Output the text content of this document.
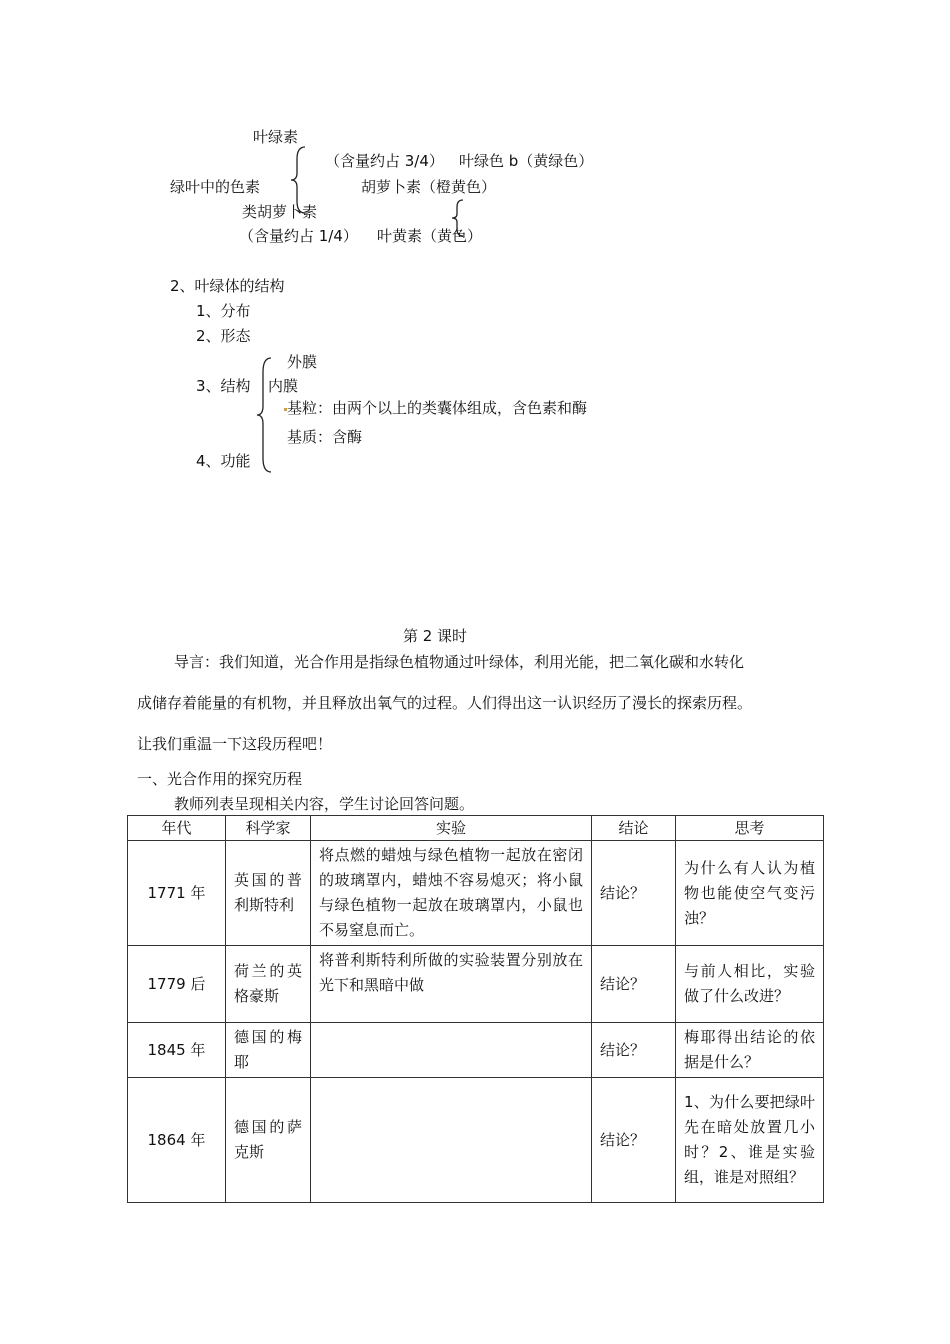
叶绿素
（含量约占 3/4） 叶绿色 b（黄绿色）
绿叶中的色素	胡萝卜素（橙黄色）
类胡萝卜素
（含量约占 1/4） 叶黄素（黄色）
2、叶绿体的结构
1、分布
2、形态
外膜
3、结构 内膜
基粒：由两个以上的类囊体组成，含色素和酶
基质：含酶
4、功能
第 2 课时
导言：我们知道，光合作用是指绿色植物通过叶绿体，利用光能，把二氧化碳和水转化
成储存着能量的有机物，并且释放出氧气的过程。人们得出这一认识经历了漫长的探索历程。
让我们重温一下这段历程吧！
一、光合作用的探究历程
教师列表呈现相关内容，学生讨论回答问题。
年代	科学家	实验	结论	思考
1771 年	英国的普利斯特利	将点燃的蜡烛与绿色植物一起放在密闭的玻璃罩内，蜡烛不容易熄灭；将小鼠与绿色植物一起放在玻璃罩内，小鼠也不易窒息而亡。	结论？	为什么有人认为植物也能使空气变污浊？
1779 后	荷兰的英格豪斯	将普利斯特利所做的实验装置分别放在光下和黑暗中做	结论？	与前人相比，实验做了什么改进？
1845 年	德国的梅耶		结论？	梅耶得出结论的依据是什么？
1864 年	德国的萨克斯		结论？	1、为什么要把绿叶先在暗处放置几小时？2、谁是实验组，谁是对照组？
